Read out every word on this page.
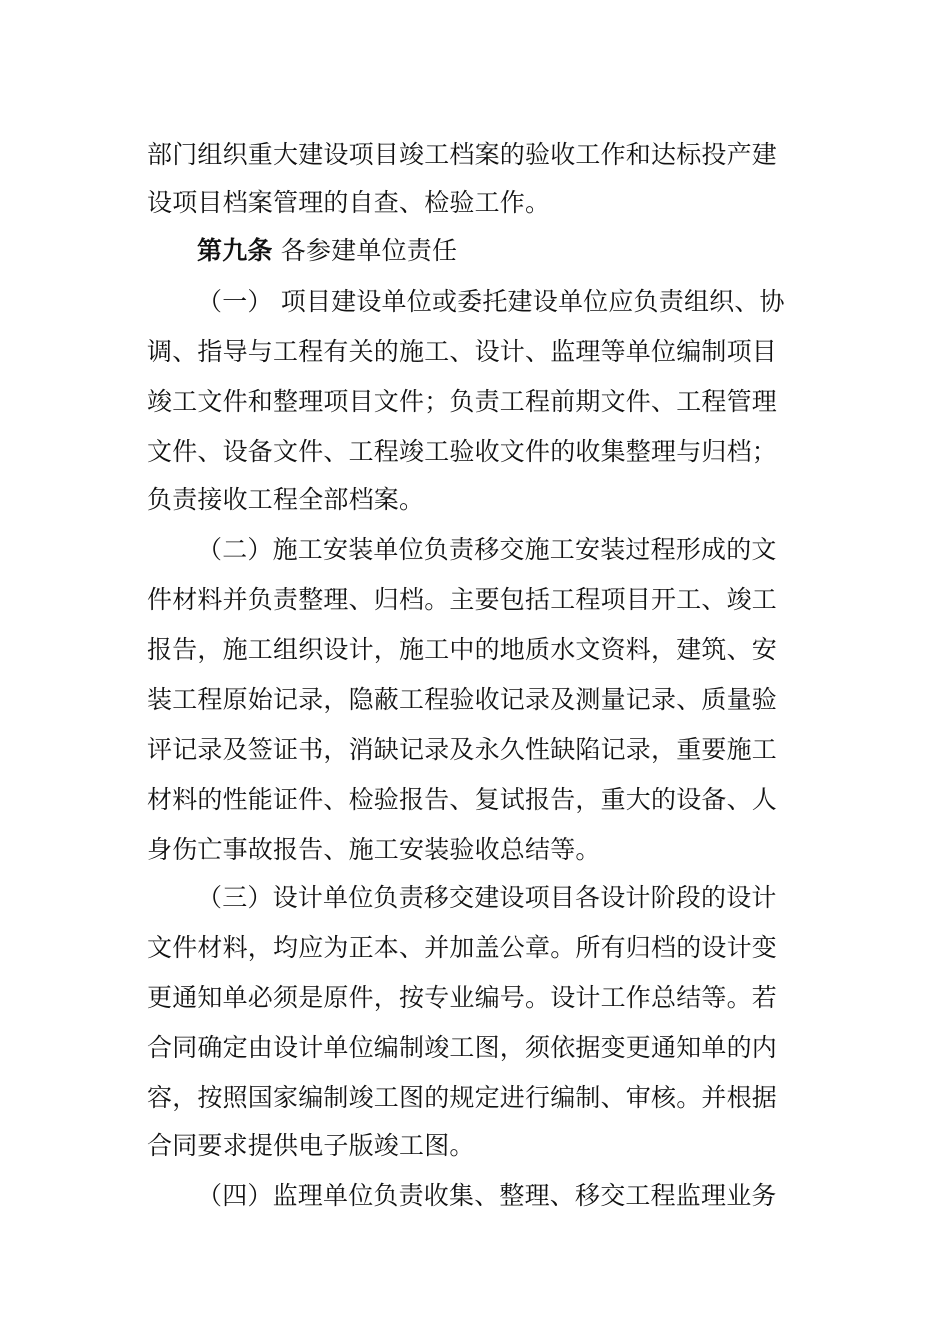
部门组织重大建设项目竣工档案的验收工作和达标投产建
设项目档案管理的自查、检验工作。
第九条 各参建单位责任
（一） 项目建设单位或委托建设单位应负责组织、协
调、指导与工程有关的施工、设计、监理等单位编制项目
竣工文件和整理项目文件；负责工程前期文件、工程管理
文件、设备文件、工程竣工验收文件的收集整理与归档；
负责接收工程全部档案。
（二）施工安装单位负责移交施工安装过程形成的文
件材料并负责整理、归档。主要包括工程项目开工、竣工
报告，施工组织设计，施工中的地质水文资料，建筑、安
装工程原始记录，隐蔽工程验收记录及测量记录、质量验
评记录及签证书，消缺记录及永久性缺陷记录，重要施工
材料的性能证件、检验报告、复试报告，重大的设备、人
身伤亡事故报告、施工安装验收总结等。
（三）设计单位负责移交建设项目各设计阶段的设计
文件材料，均应为正本、并加盖公章。所有归档的设计变
更通知单必须是原件，按专业编号。设计工作总结等。若
合同确定由设计单位编制竣工图，须依据变更通知单的内
容，按照国家编制竣工图的规定进行编制、审核。并根据
合同要求提供电子版竣工图。
（四）监理单位负责收集、整理、移交工程监理业务
